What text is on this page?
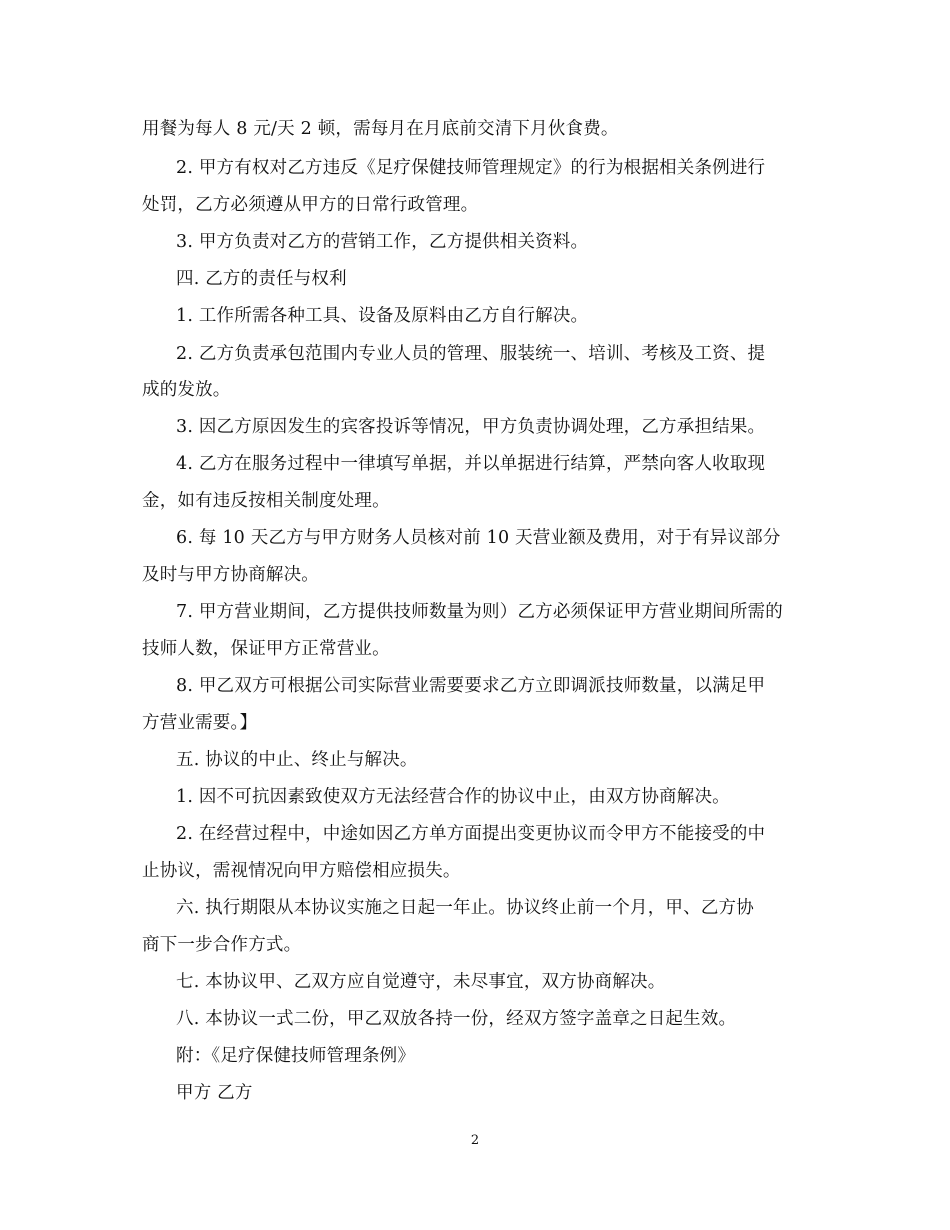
用餐为每人 8 元/天 2 顿，需每月在月底前交清下月伙食费。
2. 甲方有权对乙方违反《足疗保健技师管理规定》的行为根据相关条例进行
处罚，乙方必须遵从甲方的日常行政管理。
3. 甲方负责对乙方的营销工作，乙方提供相关资料。
四. 乙方的责任与权利
1. 工作所需各种工具、设备及原料由乙方自行解决。
2. 乙方负责承包范围内专业人员的管理、服装统一、培训、考核及工资、提
成的发放。
3. 因乙方原因发生的宾客投诉等情况，甲方负责协调处理，乙方承担结果。
4. 乙方在服务过程中一律填写单据，并以单据进行结算，严禁向客人收取现
金，如有违反按相关制度处理。
6. 每 10 天乙方与甲方财务人员核对前 10 天营业额及费用，对于有异议部分
及时与甲方协商解决。
7. 甲方营业期间，乙方提供技师数量为则）乙方必须保证甲方营业期间所需的
技师人数，保证甲方正常营业。
8. 甲乙双方可根据公司实际营业需要要求乙方立即调派技师数量，以满足甲
方营业需要。】
五. 协议的中止、终止与解决。
1. 因不可抗因素致使双方无法经营合作的协议中止，由双方协商解决。
2. 在经营过程中，中途如因乙方单方面提出变更协议而令甲方不能接受的中
止协议，需视情况向甲方赔偿相应损失。
六. 执行期限从本协议实施之日起一年止。协议终止前一个月，甲、乙方协
商下一步合作方式。
七. 本协议甲、乙双方应自觉遵守，未尽事宜，双方协商解决。
八. 本协议一式二份，甲乙双放各持一份，经双方签字盖章之日起生效。
附：《足疗保健技师管理条例》
甲方 乙方
2
